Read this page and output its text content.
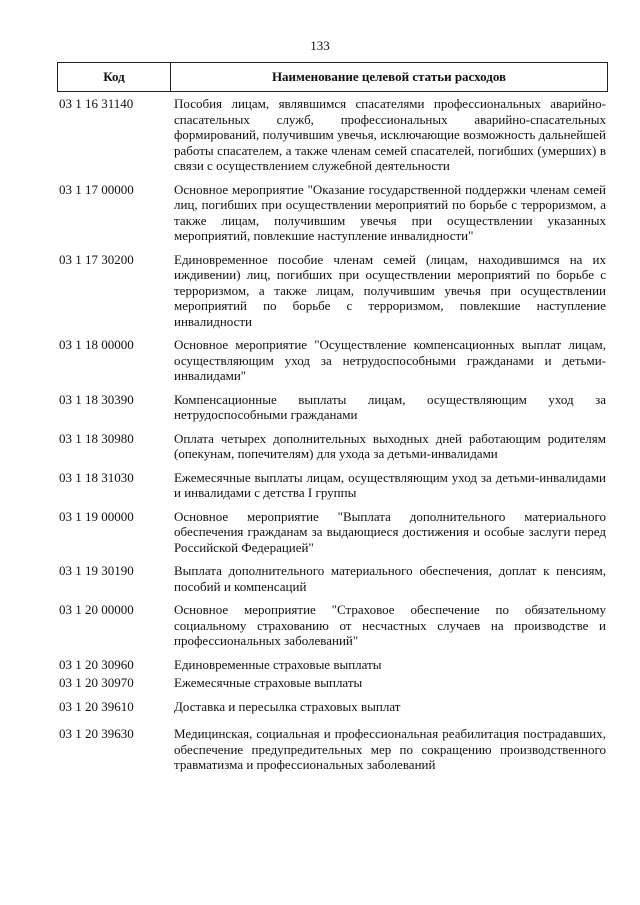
133
Код	Наименование целевой статьи расходов
03 1 16 31140	Пособия лицам, являвшимся спасателями профессиональных аварийно-спасательных служб, профессиональных аварийно-спасательных формирований, получившим увечья, исключающие возможность дальнейшей работы спасателем, а также членам семей спасателей, погибших (умерших) в связи с осуществлением служебной деятельности
03 1 17 00000	Основное мероприятие "Оказание государственной поддержки членам семей лиц, погибших при осуществлении мероприятий по борьбе с терроризмом, а также лицам, получившим увечья при осуществлении указанных мероприятий, повлекшие наступление инвалидности"
03 1 17 30200	Единовременное пособие членам семей (лицам, находившимся на их иждивении) лиц, погибших при осуществлении мероприятий по борьбе с терроризмом, а также лицам, получившим увечья при осуществлении мероприятий по борьбе с терроризмом, повлекшие наступление инвалидности
03 1 18 00000	Основное мероприятие "Осуществление компенсационных выплат лицам, осуществляющим уход за нетрудоспособными гражданами и детьми-инвалидами"
03 1 18 30390	Компенсационные выплаты лицам, осуществляющим уход за нетрудоспособными гражданами
03 1 18 30980	Оплата четырех дополнительных выходных дней работающим родителям (опекунам, попечителям) для ухода за детьми-инвалидами
03 1 18 31030	Ежемесячные выплаты лицам, осуществляющим уход за детьми-инвалидами и инвалидами с детства I группы
03 1 19 00000	Основное мероприятие "Выплата дополнительного материального обеспечения гражданам за выдающиеся достижения и особые заслуги перед Российской Федерацией"
03 1 19 30190	Выплата дополнительного материального обеспечения, доплат к пенсиям, пособий и компенсаций
03 1 20 00000	Основное мероприятие "Страховое обеспечение по обязательному социальному страхованию от несчастных случаев на производстве и профессиональных заболеваний"
03 1 20 30960	Единовременные страховые выплаты
03 1 20 30970	Ежемесячные страховые выплаты
03 1 20 39610	Доставка и пересылка страховых выплат
03 1 20 39630	Медицинская, социальная и профессиональная реабилитация пострадавших, обеспечение предупредительных мер по сокращению производственного травматизма и профессиональных заболеваний
